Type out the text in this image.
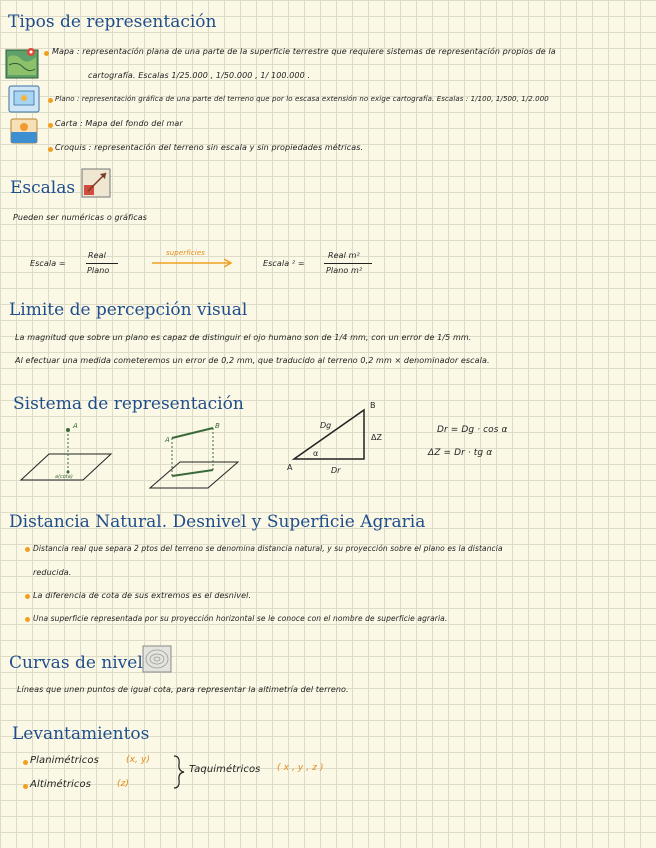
Tipos de representación
Mapa : representación plana de una parte de la superficie terrestre que requiere sistemas de representación propios de la
cartografía. Escalas 1/25.000 , 1/50.000 , 1/ 100.000 .
Plano : representación gráfica de una parte del terreno que por lo escasa extensión no exige cartografía. Escalas : 1/100, 1/500, 1/2.000
Carta : Mapa del fondo del mar
Croquis : representación del terreno sin escala y sin propiedades métricas.
Escalas
Pueden ser numéricas o gráficas
Escala =
Real
Plano
superficies
Escala ² =
Real m²
Plano m²
Limite de percepción visual
La magnitud que sobre un plano es capaz de distinguir el ojo humano son de 1/4 mm, con un error de 1/5 mm.
Al efectuar una medida cometeremos un error de 0,2 mm, que traducido al terreno 0,2 mm × denominador escala.
Sistema de representación
A
a(cota)
A
B
A
B
Dg
ΔZ
Dr
α
Dr = Dg · cos α
ΔZ = Dr · tg α
Distancia Natural. Desnivel y Superficie Agraria
Distancia real que separa 2 ptos del terreno se denomina distancia natural, y su proyección sobre el plano es la distancia
reducida.
La diferencia de cota de sus extremos es el desnivel.
Una superficie representada por su proyección horizontal se le conoce con el nombre de superficie agraria.
Curvas de nivel
Líneas que unen puntos de igual cota, para representar la altimetría del terreno.
Levantamientos
Planimétricos	(x, y)
Altimétricos	(z)
Taquimétricos ( x , y , z )
